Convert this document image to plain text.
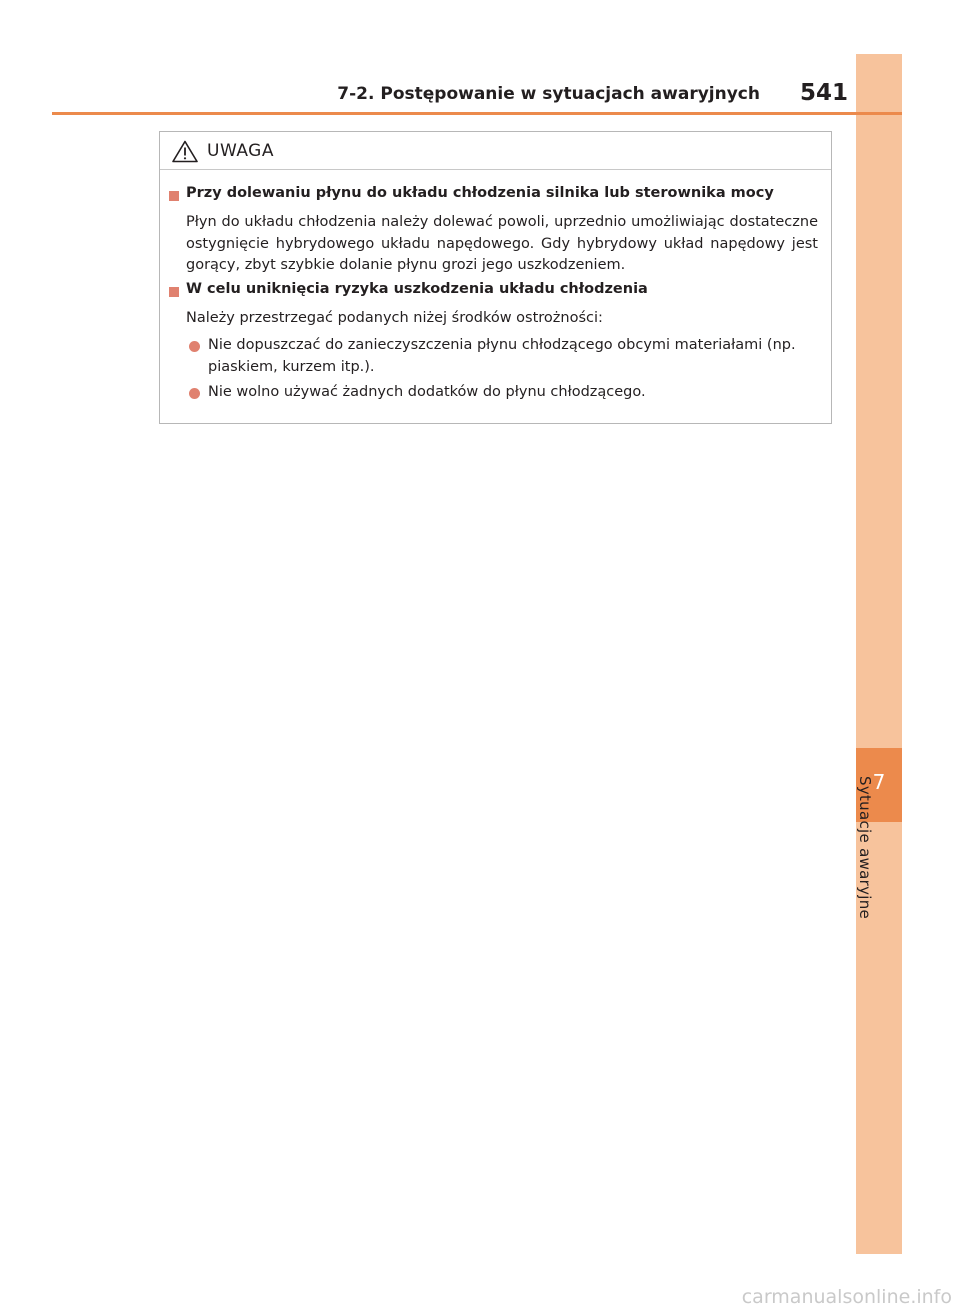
7
Sytuacje awaryjne
7-2. Postępowanie w sytuacjach awaryjnych 541
UWAGA
Przy dolewaniu płynu do układu chłodzenia silnika lub sterownika mocy
Płyn do układu chłodzenia należy dolewać powoli, uprzednio umożliwiając dostateczne ostygnięcie hybrydowego układu napędowego. Gdy hybrydowy układ napędowy jest gorący, zbyt szybkie dolanie płynu grozi jego uszkodzeniem.
W celu uniknięcia ryzyka uszkodzenia układu chłodzenia
Należy przestrzegać podanych niżej środków ostrożności:
Nie dopuszczać do zanieczyszczenia płynu chłodzącego obcymi materiałami (np. piaskiem, kurzem itp.).
Nie wolno używać żadnych dodatków do płynu chłodzącego.
carmanualsonline.info
